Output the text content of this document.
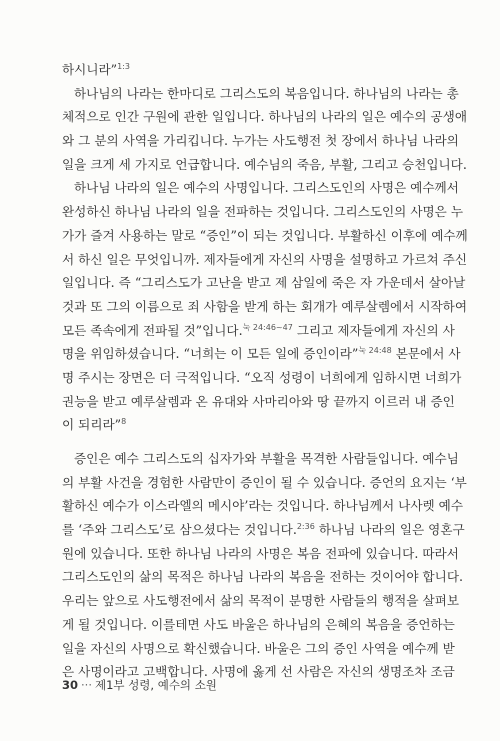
하시니라”$^{1:3}$
하나님의 나라는 한마디로 그리스도의 복음입니다. 하나님의 나라는 총
체적으로 인간 구원에 관한 일입니다. 하나님의 나라의 일은 예수의 공생애
와 그 분의 사역을 가리킵니다. 누가는 사도행전 첫 장에서 하나님 나라의
일을 크게 세 가지로 언급합니다. 예수님의 죽음, 부활, 그리고 승천입니다.
하나님 나라의 일은 예수의 사명입니다. 그리스도인의 사명은 예수께서
완성하신 하나님 나라의 일을 전파하는 것입니다. 그리스도인의 사명은 누
가가 즐겨 사용하는 말로 “증인”이 되는 것입니다. 부활하신 이후에 예수께
서 하신 일은 무엇입니까. 제자들에게 자신의 사명을 설명하고 가르쳐 주신
일입니다. 즉 “그리스도가 고난을 받고 제 삼일에 죽은 자 가운데서 살아날
것과 또 그의 이름으로 죄 사함을 받게 하는 회개가 예루살렘에서 시작하여
모든 족속에게 전파될 것”입니다.$^{눅 24:46\sim 47}$ 그리고 제자들에게 자신의 사
명을 위임하셨습니다. “너희는 이 모든 일에 증인이라”$^{눅 24:48}$ 본문에서 사
명 주시는 장면은 더 극적입니다. “오직 성령이 너희에게 임하시면 너희가
권능을 받고 예루살렘과 온 유대와 사마리아와 땅 끝까지 이르러 내 증인
이 되리라”$^8$
증인은 예수 그리스도의 십자가와 부활을 목격한 사람들입니다. 예수님
의 부활 사건을 경험한 사람만이 증인이 될 수 있습니다. 증언의 요지는 ‘부
활하신 예수가 이스라엘의 메시야’라는 것입니다. 하나님께서 나사렛 예수
를 ‘주와 그리스도’로 삼으셨다는 것입니다.$^{2:36}$ 하나님 나라의 일은 영혼구
원에 있습니다. 또한 하나님 나라의 사명은 복음 전파에 있습니다. 따라서
그리스도인의 삶의 목적은 하나님 나라의 복음을 전하는 것이어야 합니다.
우리는 앞으로 사도행전에서 삶의 목적이 분명한 사람들의 행적을 살펴보
게 될 것입니다. 이를테면 사도 바울은 하나님의 은혜의 복음을 증언하는
일을 자신의 사명으로 확신했습니다. 바울은 그의 증인 사역을 예수께 받
은 사명이라고 고백합니다. 사명에 옳게 선 사람은 자신의 생명조차 조금
30 ··· 제1부 성령, 예수의 소원
